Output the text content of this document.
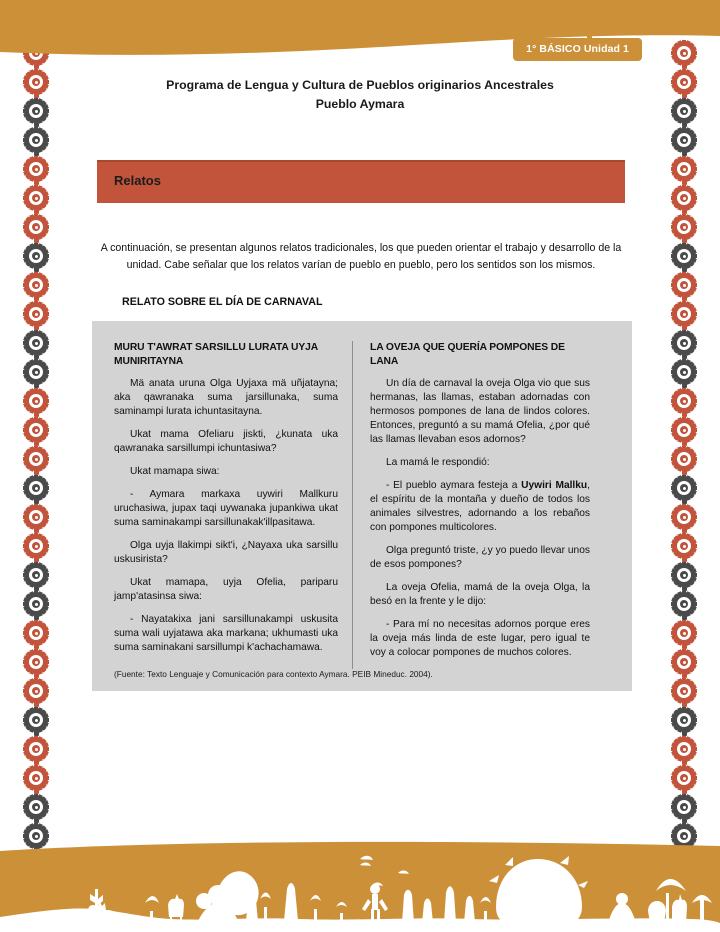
1° BÁSICO Unidad 1
Programa de Lengua y Cultura de Pueblos originarios Ancestrales
Pueblo Aymara
Relatos
A continuación, se presentan algunos relatos tradicionales, los que pueden orientar el trabajo y desarrollo de la unidad. Cabe señalar que los relatos varían de pueblo en pueblo, pero los sentidos son los mismos.
RELATO SOBRE EL DÍA DE CARNAVAL
MURU T'AWRAT SARSILLU LURATA UYJA MUNIRITAYNA

Mä anata uruna Olga Uyjaxa mä uñjatayna; aka qawranaka suma jarsillunaka, suma saminampi lurata ichuntasitayna.

Ukat mama Ofeliaru jiskti, ¿kunata uka qawranaka sarsillumpi ichuntasiwa?

Ukat mamapa siwa:

- Aymara markaxa uywiri Mallkuru uruchasiwa, jupax taqi uywanaka jupankiwa ukat suma saminakampi sarsillunakak'illpasitawa.

Olga uyja llakimpi sikt'i, ¿Nayaxa uka sarsillu uskusirista?

Ukat mamapa, uyja Ofelia, pariparu jamp'atasinsa siwa:

- Nayatakixa jani sarsillunakampi uskusita suma wali uyjatawa aka markana; ukhumasti uka suma saminakani sarsillumpi k'achachamawa.

LA OVEJA QUE QUERÍA POMPONES DE LANA

Un día de carnaval la oveja Olga vio que sus hermanas, las llamas, estaban adornadas con hermosos pompones de lana de lindos colores. Entonces, preguntó a su mamá Ofelia, ¿por qué las llamas llevaban esos adornos?

La mamá le respondió:

- El pueblo aymara festeja a Uywiri Mallku, el espíritu de la montaña y dueño de todos los animales silvestres, adornando a los rebaños con pompones multicolores.

Olga preguntó triste, ¿y yo puedo llevar unos de esos pompones?

La oveja Ofelia, mamá de la oveja Olga, la besó en la frente y le dijo:

- Para mí no necesitas adornos porque eres la oveja más linda de este lugar, pero igual te voy a colocar pompones de muchos colores.

(Fuente: Texto Lenguaje y Comunicación para contexto Aymara. PEIB Mineduc. 2004).
